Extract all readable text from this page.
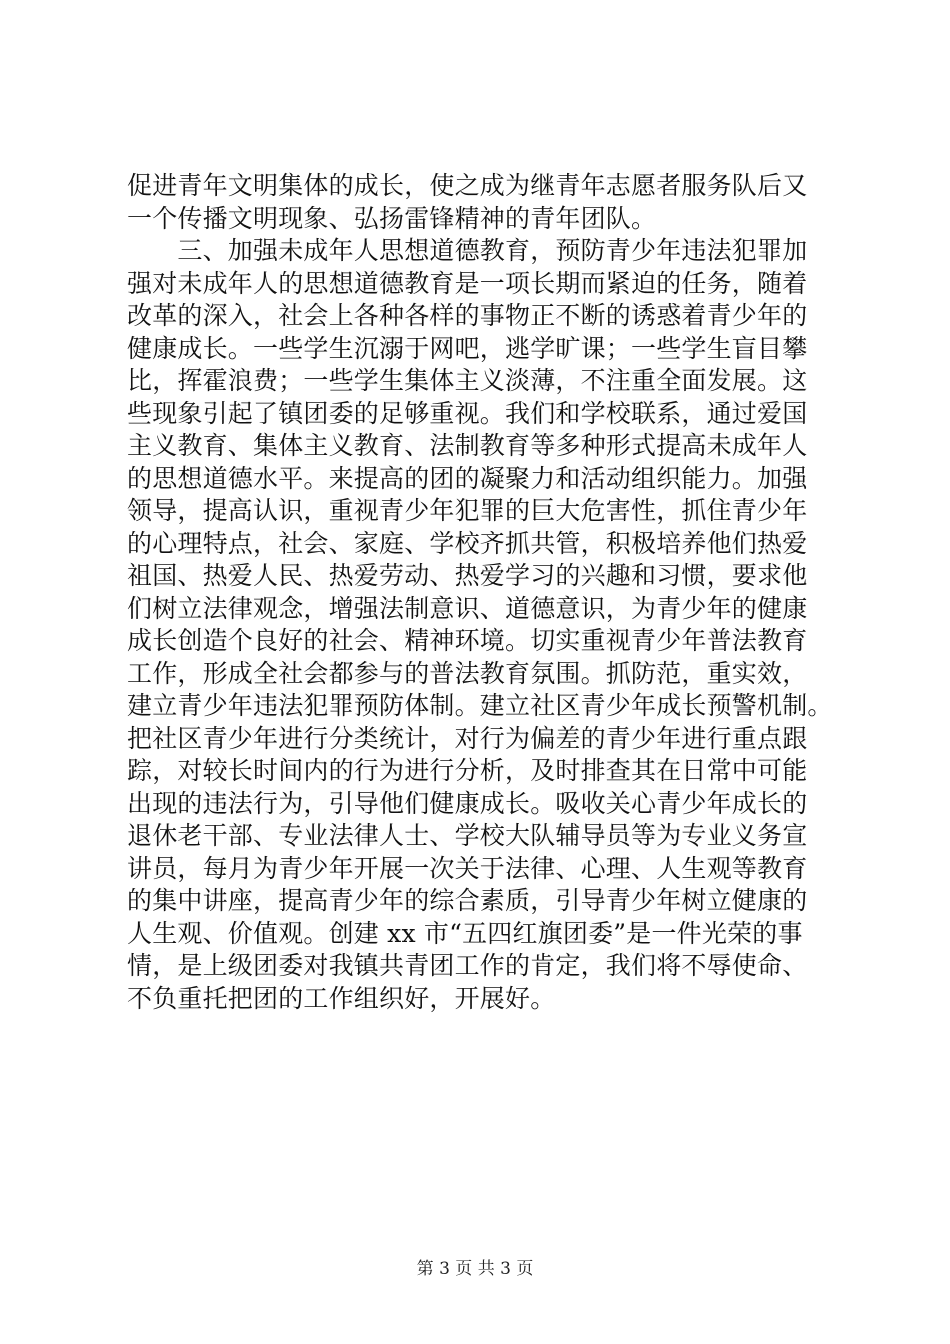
促进青年文明集体的成长，使之成为继青年志愿者服务队后又
一个传播文明现象、弘扬雷锋精神的青年团队。
　　三、加强未成年人思想道德教育，预防青少年违法犯罪加
强对未成年人的思想道德教育是一项长期而紧迫的任务，随着
改革的深入，社会上各种各样的事物正不断的诱惑着青少年的
健康成长。一些学生沉溺于网吧，逃学旷课；一些学生盲目攀
比，挥霍浪费；一些学生集体主义淡薄，不注重全面发展。这
些现象引起了镇团委的足够重视。我们和学校联系，通过爱国
主义教育、集体主义教育、法制教育等多种形式提高未成年人
的思想道德水平。来提高的团的凝聚力和活动组织能力。加强
领导，提高认识，重视青少年犯罪的巨大危害性，抓住青少年
的心理特点，社会、家庭、学校齐抓共管，积极培养他们热爱
祖国、热爱人民、热爱劳动、热爱学习的兴趣和习惯，要求他
们树立法律观念，增强法制意识、道德意识，为青少年的健康
成长创造个良好的社会、精神环境。切实重视青少年普法教育
工作，形成全社会都参与的普法教育氛围。抓防范，重实效，
建立青少年违法犯罪预防体制。建立社区青少年成长预警机制。
把社区青少年进行分类统计，对行为偏差的青少年进行重点跟
踪，对较长时间内的行为进行分析，及时排查其在日常中可能
出现的违法行为，引导他们健康成长。吸收关心青少年成长的
退休老干部、专业法律人士、学校大队辅导员等为专业义务宣
讲员，每月为青少年开展一次关于法律、心理、人生观等教育
的集中讲座，提高青少年的综合素质，引导青少年树立健康的
人生观、价值观。创建 xx 市“五四红旗团委”是一件光荣的事
情，是上级团委对我镇共青团工作的肯定，我们将不辱使命、
不负重托把团的工作组织好，开展好。
第 3 页 共 3 页
